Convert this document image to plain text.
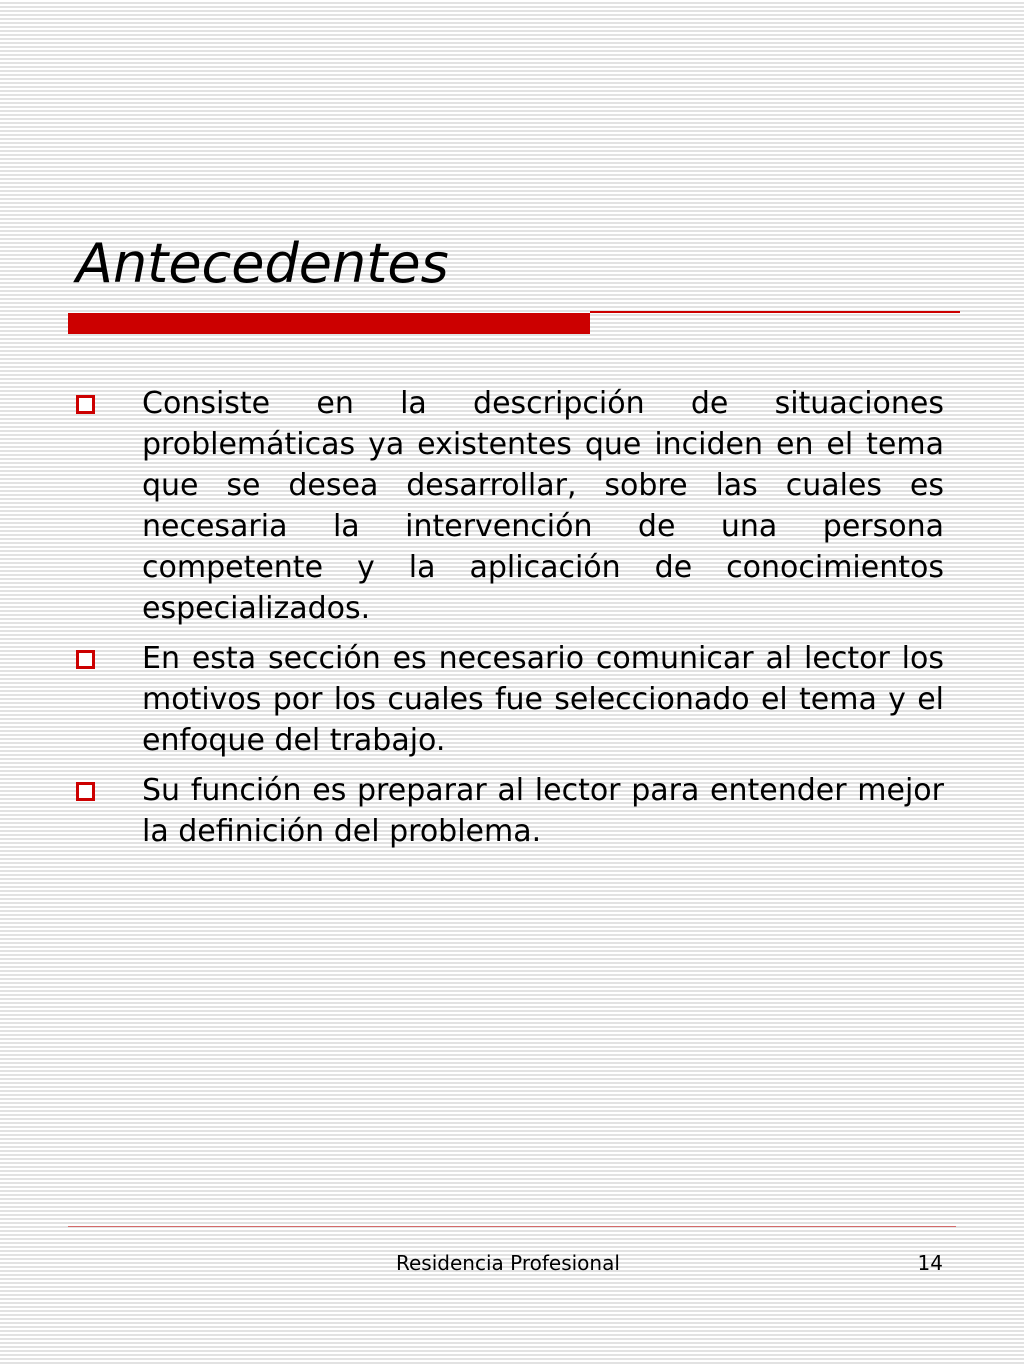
Antecedentes
Consiste en la descripción de situaciones problemáticas ya existentes que inciden en el tema que se desea desarrollar, sobre las cuales es necesaria la intervención de una persona competente y la aplicación de conocimientos especializados.
En esta sección es necesario comunicar al lector los motivos por los cuales fue seleccionado el tema y el enfoque del trabajo.
Su función es preparar al lector para entender mejor la definición del problema.
Residencia Profesional	14
